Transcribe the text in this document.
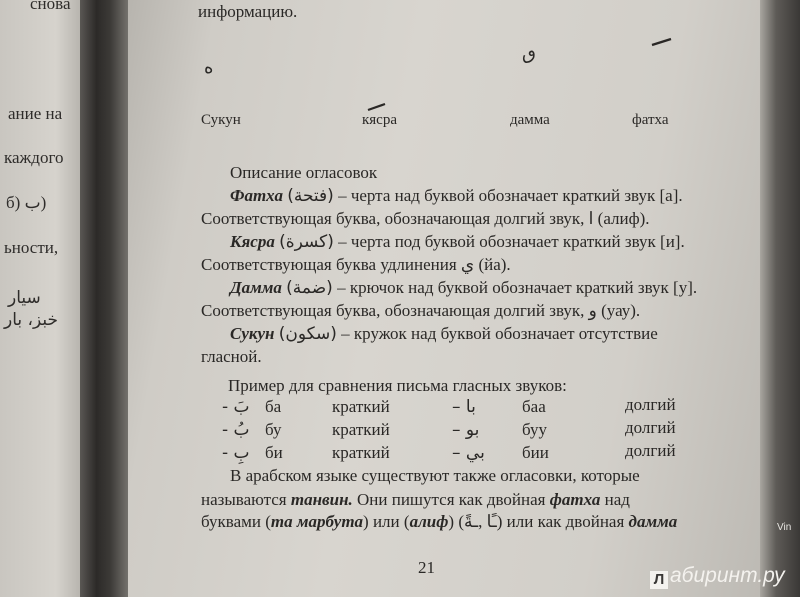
снова
ание на
каждого
б) ب)
ьности,
سیار
خبز، بار
информацию.
ه
ٯ
Сукун	кясра	дамма	фатха
Описание огласовок
Фатха (فتحة) – черта над буквой обозначает краткий звук [а].
Соответствующая буква, обозначающая долгий звук, ا (алиф).
Кясра (كسرة) – черта под буквой обозначает краткий звук [и].
Соответствующая буква удлинения ي (йа).
Дамма (ضمة) – крючок над буквой обозначает краткий звук [у].
Соответствующая буква, обозначающая долгий звук, و (уау).
Сукун (سكون) – кружок над буквой обозначает отсутствие
гласной.
Пример для сравнения письма гласных звуков:
بَ - ба	краткий	با –	баа	долгий
بُ - бу	краткий	بو –	буу	долгий
بِ - би	краткий	بي – бии	долгий
В арабском языке существуют также огласовки, которые
называются танвин. Они пишутся как двойная фатха над
буквами (та марбута) или (алиф) (ـًا ,ـةً) или как двойная дамма
21
Л абиринт.ру
Vin
